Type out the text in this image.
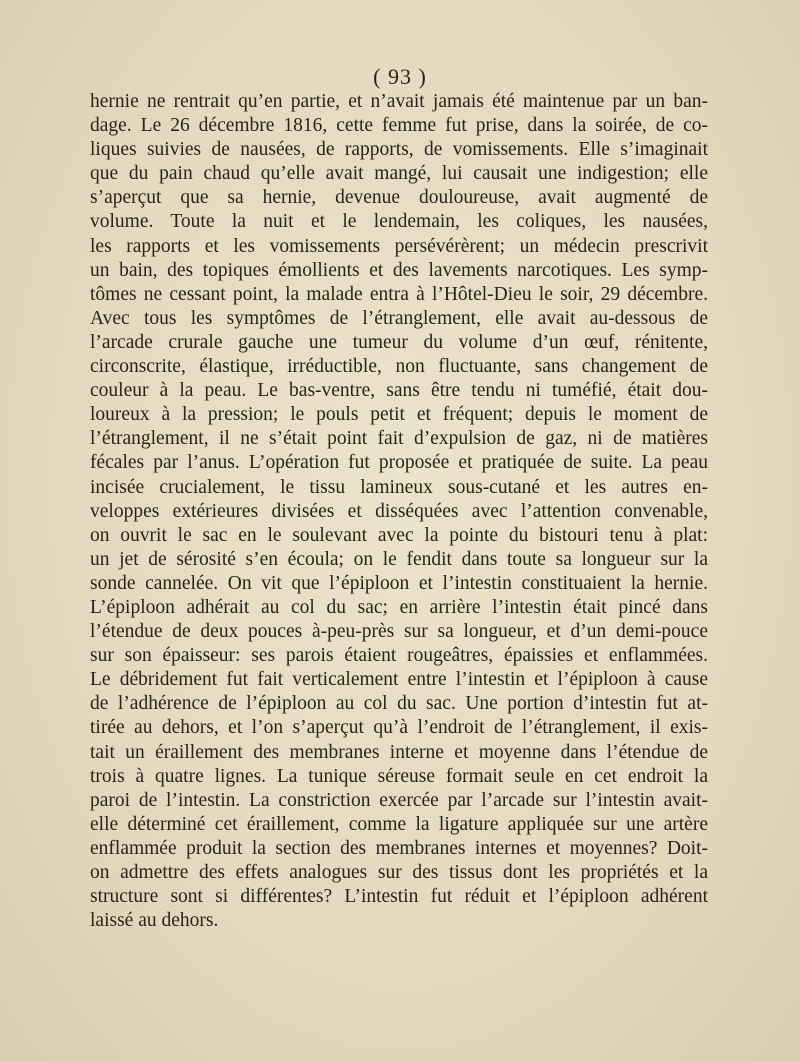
( 93 )
hernie ne rentrait qu’en partie, et n’avait jamais été maintenue par un ban-
dage. Le 26 décembre 1816, cette femme fut prise, dans la soirée, de co-
liques suivies de nausées, de rapports, de vomissements. Elle s’imaginait
que du pain chaud qu’elle avait mangé, lui causait une indigestion; elle
s’aperçut que sa hernie, devenue douloureuse, avait augmenté de
volume. Toute la nuit et le lendemain, les coliques, les nausées,
les rapports et les vomissements persévérèrent; un médecin prescrivit
un bain, des topiques émollients et des lavements narcotiques. Les symp-
tômes ne cessant point, la malade entra à l’Hôtel-Dieu le soir, 29 décembre.
Avec tous les symptômes de l’étranglement, elle avait au-dessous de
l’arcade crurale gauche une tumeur du volume d’un œuf, rénitente,
circonscrite, élastique, irréductible, non fluctuante, sans changement de
couleur à la peau. Le bas-ventre, sans être tendu ni tuméfié, était dou-
loureux à la pression; le pouls petit et fréquent; depuis le moment de
l’étranglement, il ne s’était point fait d’expulsion de gaz, ni de matières
fécales par l’anus. L’opération fut proposée et pratiquée de suite. La peau
incisée crucialement, le tissu lamineux sous-cutané et les autres en-
veloppes extérieures divisées et disséquées avec l’attention convenable,
on ouvrit le sac en le soulevant avec la pointe du bistouri tenu à plat:
un jet de sérosité s’en écoula; on le fendit dans toute sa longueur sur la
sonde cannelée. On vit que l’épiploon et l’intestin constituaient la hernie.
L’épiploon adhérait au col du sac; en arrière l’intestin était pincé dans
l’étendue de deux pouces à-peu-près sur sa longueur, et d’un demi-pouce
sur son épaisseur: ses parois étaient rougeâtres, épaissies et enflammées.
Le débridement fut fait verticalement entre l’intestin et l’épiploon à cause
de l’adhérence de l’épiploon au col du sac. Une portion d’intestin fut at-
tirée au dehors, et l’on s’aperçut qu’à l’endroit de l’étranglement, il exis-
tait un éraillement des membranes interne et moyenne dans l’étendue de
trois à quatre lignes. La tunique séreuse formait seule en cet endroit la
paroi de l’intestin. La constriction exercée par l’arcade sur l’intestin avait-
elle déterminé cet éraillement, comme la ligature appliquée sur une artère
enflammée produit la section des membranes internes et moyennes? Doit-
on admettre des effets analogues sur des tissus dont les propriétés et la
structure sont si différentes? L’intestin fut réduit et l’épiploon adhérent
laissé au dehors.
